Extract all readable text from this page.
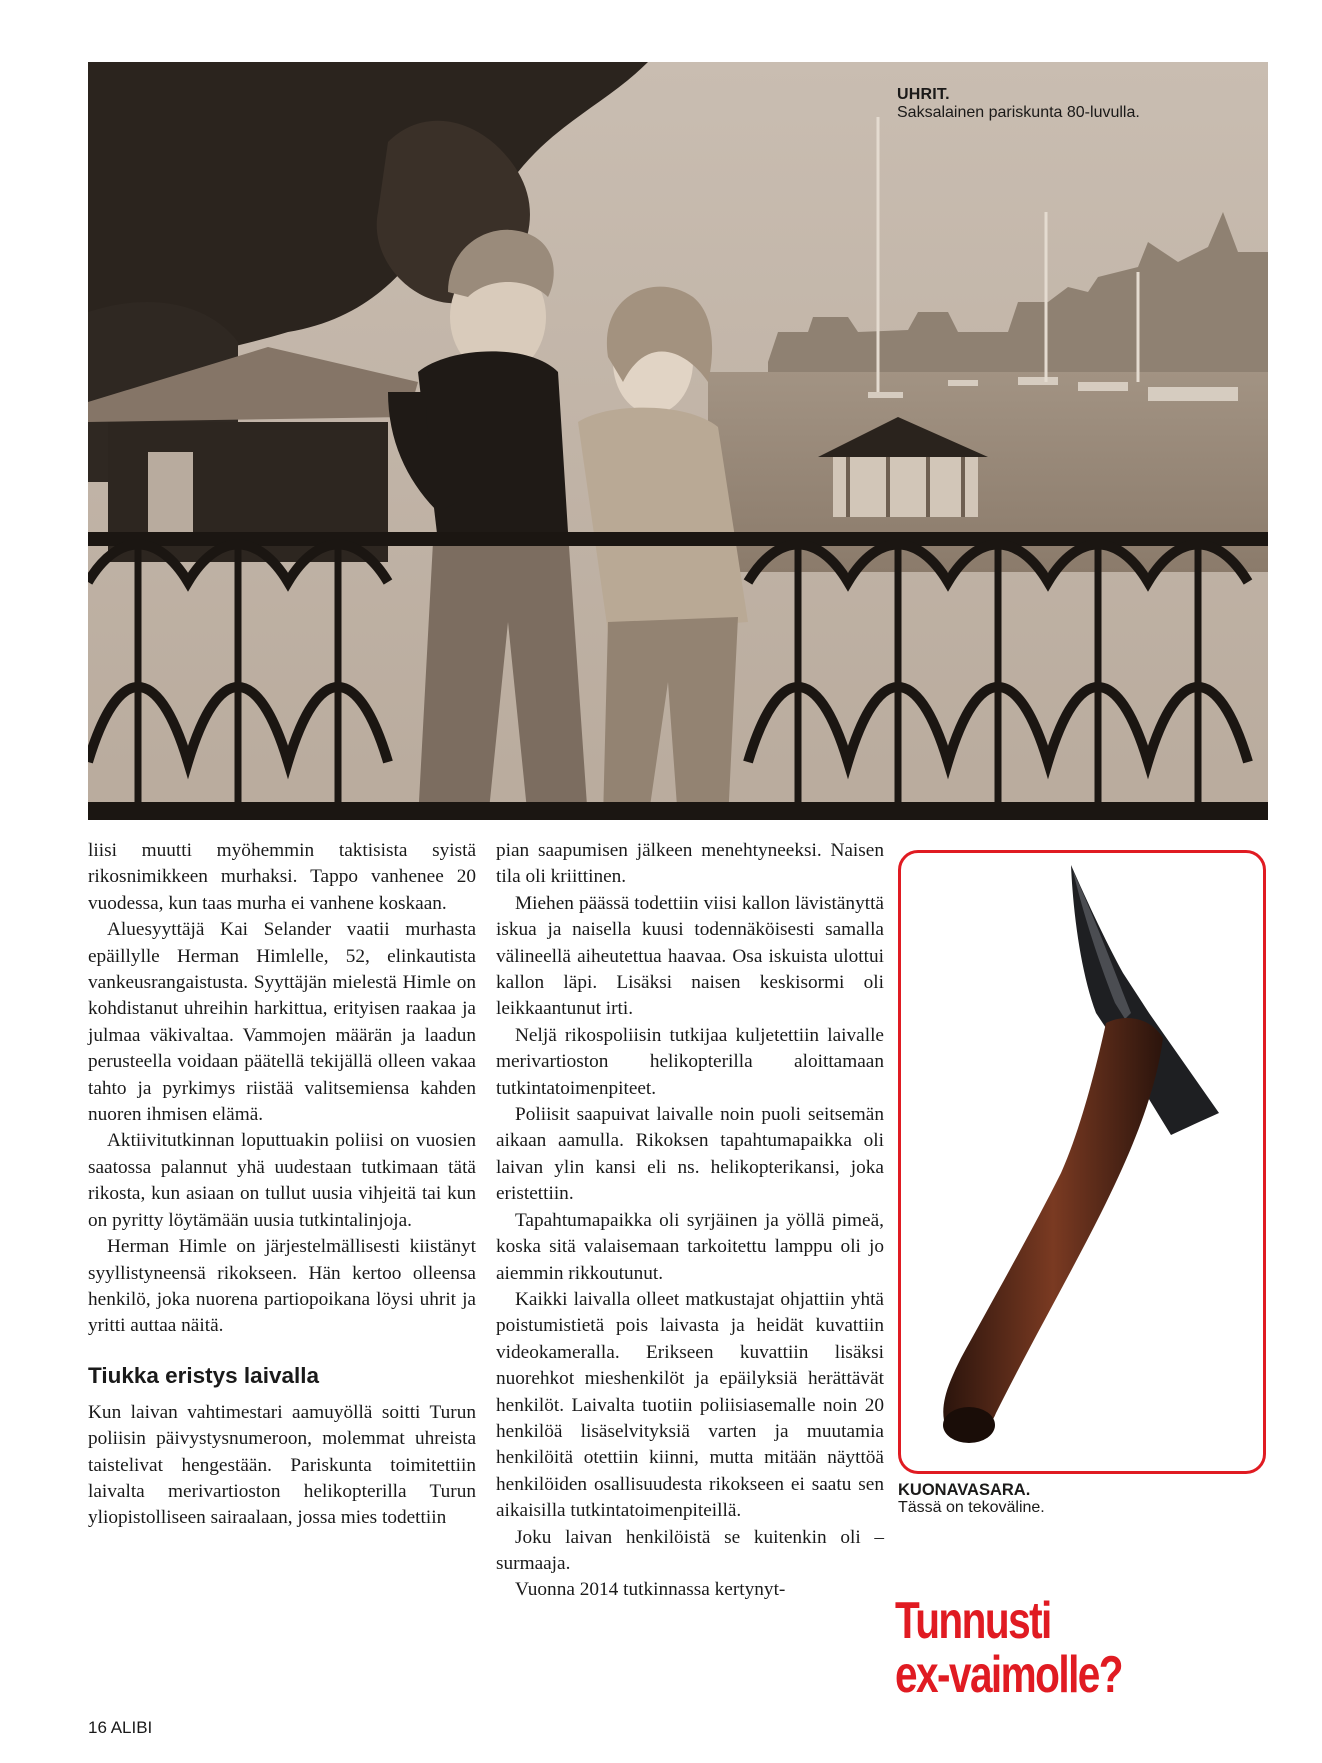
UHRIT.
Saksalainen pariskunta 80-luvulla.

liisi muutti myöhemmin taktisista syistä rikosnimikkeen murhaksi. Tappo vanhenee 20 vuodessa, kun taas murha ei vanhene koskaan.

Aluesyyttäjä Kai Selander vaatii murhasta epäillylle Herman Himlelle, 52, elinkautista vankeusrangaistusta. Syyttäjän mielestä Himle on kohdistanut uhreihin harkittua, erityisen raakaa ja julmaa väkivaltaa. Vammojen määrän ja laadun perusteella voidaan päätellä tekijällä olleen vakaa tahto ja pyrkimys riistää valitsemiensa kahden nuoren ihmisen elämä.

Aktiivitutkinnan loputtuakin poliisi on vuosien saatossa palannut yhä uudestaan tutkimaan tätä rikosta, kun asiaan on tullut uusia vihjeitä tai kun on pyritty löytämään uusia tutkintalinjoja.

Herman Himle on järjestelmällisesti kiistänyt syyllistyneensä rikokseen. Hän kertoo olleensa henkilö, joka nuorena partiopoikana löysi uhrit ja yritti auttaa näitä.

Tiukka eristys laivalla

Kun laivan vahtimestari aamuyöllä soitti Turun poliisin päivystysnumeroon, molemmat uhreista taistelivat hengestään. Pariskunta toimitettiin laivalta merivartioston helikopterilla Turun yliopistolliseen sairaalaan, jossa mies todettiin

pian saapumisen jälkeen menehtyneeksi. Naisen tila oli kriittinen.

Miehen päässä todettiin viisi kallon lävistänyttä iskua ja naisella kuusi todennäköisesti samalla välineellä aiheutettua haavaa. Osa iskuista ulottui kallon läpi. Lisäksi naisen keskisormi oli leikkaantunut irti.

Neljä rikospoliisin tutkijaa kuljetettiin laivalle merivartioston helikopterilla aloittamaan tutkintatoimenpiteet.

Poliisit saapuivat laivalle noin puoli seitsemän aikaan aamulla. Rikoksen tapahtumapaikka oli laivan ylin kansi eli ns. helikopterikansi, joka eristettiin.

Tapahtumapaikka oli syrjäinen ja yöllä pimeä, koska sitä valaisemaan tarkoitettu lamppu oli jo aiemmin rikkoutunut.

Kaikki laivalla olleet matkustajat ohjattiin yhtä poistumistietä pois laivasta ja heidät kuvattiin videokameralla. Erikseen kuvattiin lisäksi nuorehkot mieshenkilöt ja epäilyksiä herättävät henkilöt. Laivalta tuotiin poliisiasemalle noin 20 henkilöä lisäselvityksiä varten ja muutamia henkilöitä otettiin kiinni, mutta mitään näyttöä henkilöiden osallisuudesta rikokseen ei saatu sen aikaisilla tutkintatoimenpiteillä.

Joku laivan henkilöistä se kuitenkin oli – surmaaja.

Vuonna 2014 tutkinnassa kertynyt-

KUONAVASARA.
Tässä on tekoväline.
Tunnusti
ex-vaimolle?
16 ALIBI
